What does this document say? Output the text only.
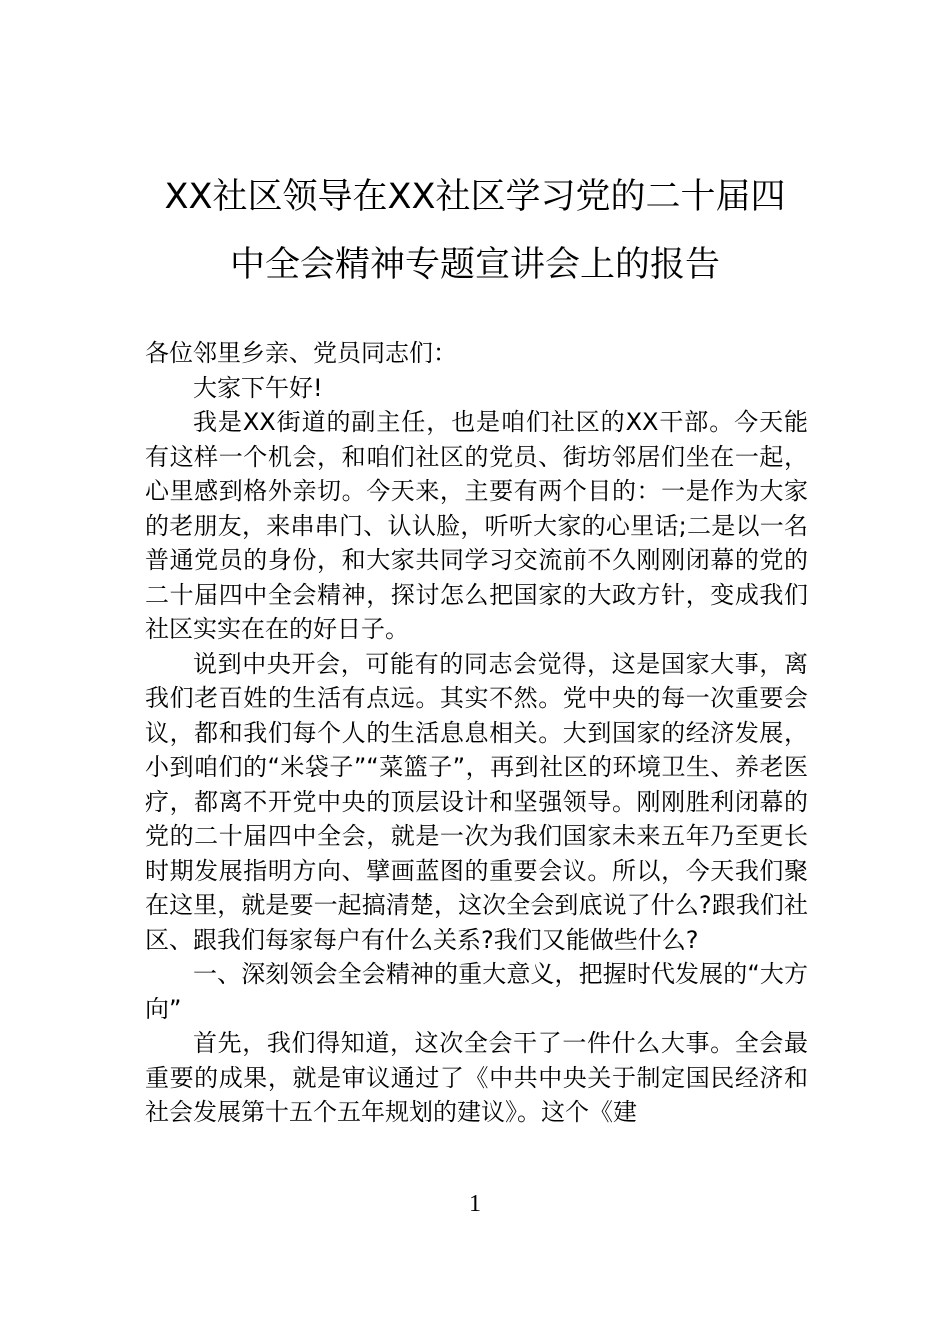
XX社区领导在XX社区学习党的二十届四
中全会精神专题宣讲会上的报告

各位邻里乡亲、党员同志们：

大家下午好!

我是XX街道的副主任，也是咱们社区的XX干部。今天能有这样一个机会，和咱们社区的党员、街坊邻居们坐在一起，心里感到格外亲切。今天来，主要有两个目的：一是作为大家的老朋友，来串串门、认认脸，听听大家的心里话;二是以一名普通党员的身份，和大家共同学习交流前不久刚刚闭幕的党的二十届四中全会精神，探讨怎么把国家的大政方针，变成我们社区实实在在的好日子。

说到中央开会，可能有的同志会觉得，这是国家大事，离我们老百姓的生活有点远。其实不然。党中央的每一次重要会议，都和我们每个人的生活息息相关。大到国家的经济发展，小到咱们的“米袋子”“菜篮子”，再到社区的环境卫生、养老医疗，都离不开党中央的顶层设计和坚强领导。刚刚胜利闭幕的党的二十届四中全会，就是一次为我们国家未来五年乃至更长时期发展指明方向、擘画蓝图的重要会议。所以，今天我们聚在这里，就是要一起搞清楚，这次全会到底说了什么?跟我们社区、跟我们每家每户有什么关系?我们又能做些什么?

一、深刻领会全会精神的重大意义，把握时代发展的“大方向”

首先，我们得知道，这次全会干了一件什么大事。全会最重要的成果，就是审议通过了《中共中央关于制定国民经济和社会发展第十五个五年规划的建议》。这个《建

1
